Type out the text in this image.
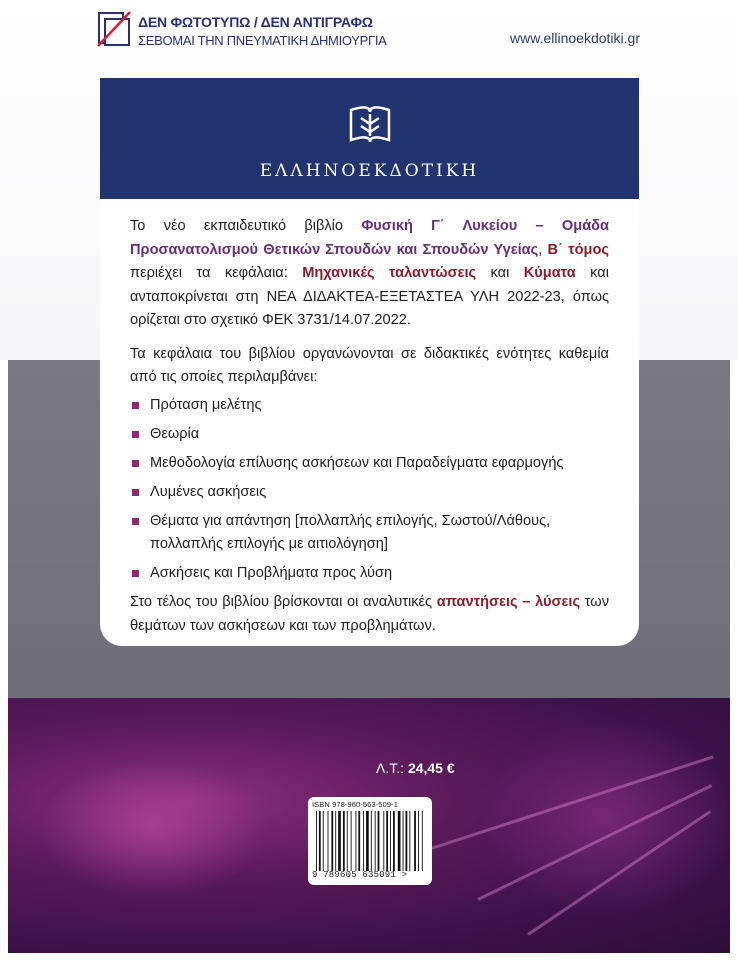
ΔΕΝ ΦΩΤΟΤΥΠΩ / ΔΕΝ ΑΝΤΙΓΡΑΦΩ
ΣΕΒΟΜΑΙ ΤΗΝ ΠΝΕΥΜΑΤΙΚΗ ΔΗΜΙΟΥΡΓΙΑ	www.ellinoekdotiki.gr
ΕΛΛΗΝΟΕΚΔΟΤΙΚΗ

Το νέο εκπαιδευτικό βιβλίο Φυσική Γ΄ Λυκείου – Ομάδα Προσανατολισμού Θετικών Σπουδών και Σπουδών Υγείας, Β΄ τόμος περιέχει τα κεφάλαια: Μηχανικές ταλαντώσεις και Κύματα και ανταποκρίνεται στη ΝΕΑ ΔΙΔΑΚΤΕΑ-ΕΞΕΤΑΣΤΕΑ ΥΛΗ 2022-23, όπως ορίζεται στο σχετικό ΦΕΚ 3731/14.07.2022.

Τα κεφάλαια του βιβλίου οργανώνονται σε διδακτικές ενότητες καθεμία από τις οποίες περιλαμβάνει:

Πρόταση μελέτης
Θεωρία
Μεθοδολογία επίλυσης ασκήσεων και Παραδείγματα εφαρμογής
Λυμένες ασκήσεις
Θέματα για απάντηση [πολλαπλής επιλογής, Σωστού/Λάθους, πολλαπλής επιλογής με αιτιολόγηση]
Ασκήσεις και Προβλήματα προς λύση

Στο τέλος του βιβλίου βρίσκονται οι αναλυτικές απαντήσεις – λύσεις των θεμάτων των ασκήσεων και των προβλημάτων.

Λ.Τ.: 24,45 €
ISBN 978-960-563-509-1
9 789605 635091 >
